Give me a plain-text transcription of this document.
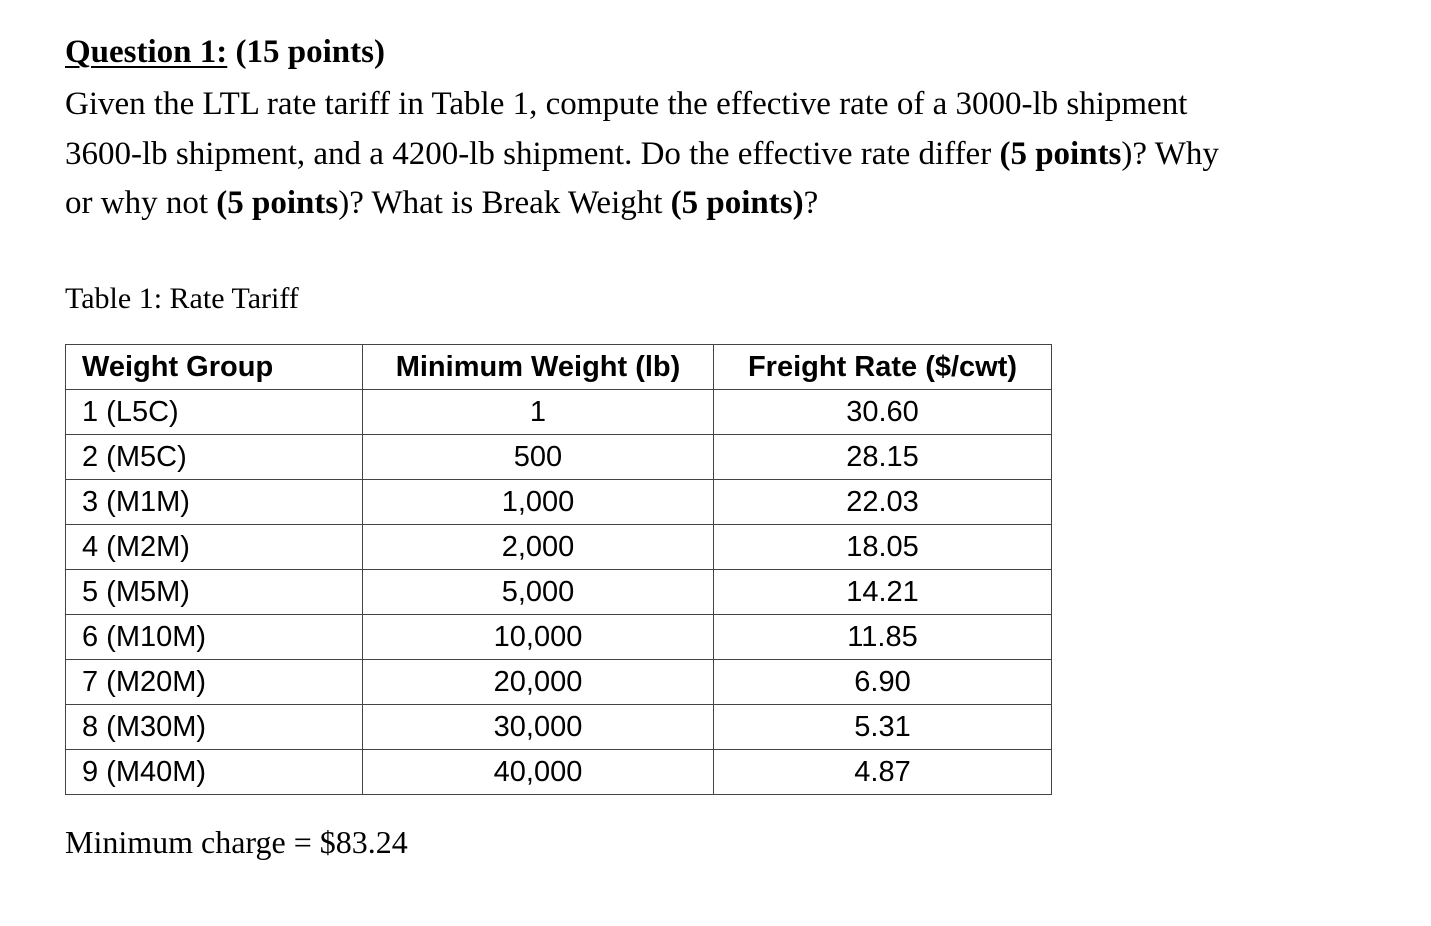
Question 1: (15 points)
Given the LTL rate tariff in Table 1, compute the effective rate of a 3000-lb shipment
3600-lb shipment, and a 4200-lb shipment. Do the effective rate differ (5 points)? Why
or why not (5 points)? What is Break Weight (5 points)?
Table 1: Rate Tariff
Weight Group	Minimum Weight (lb)	Freight Rate ($/cwt)
1 (L5C)	1	30.60
2 (M5C)	500	28.15
3 (M1M)	1,000	22.03
4 (M2M)	2,000	18.05
5 (M5M)	5,000	14.21
6 (M10M)	10,000	11.85
7 (M20M)	20,000	6.90
8 (M30M)	30,000	5.31
9 (M40M)	40,000	4.87
Minimum charge = $83.24
